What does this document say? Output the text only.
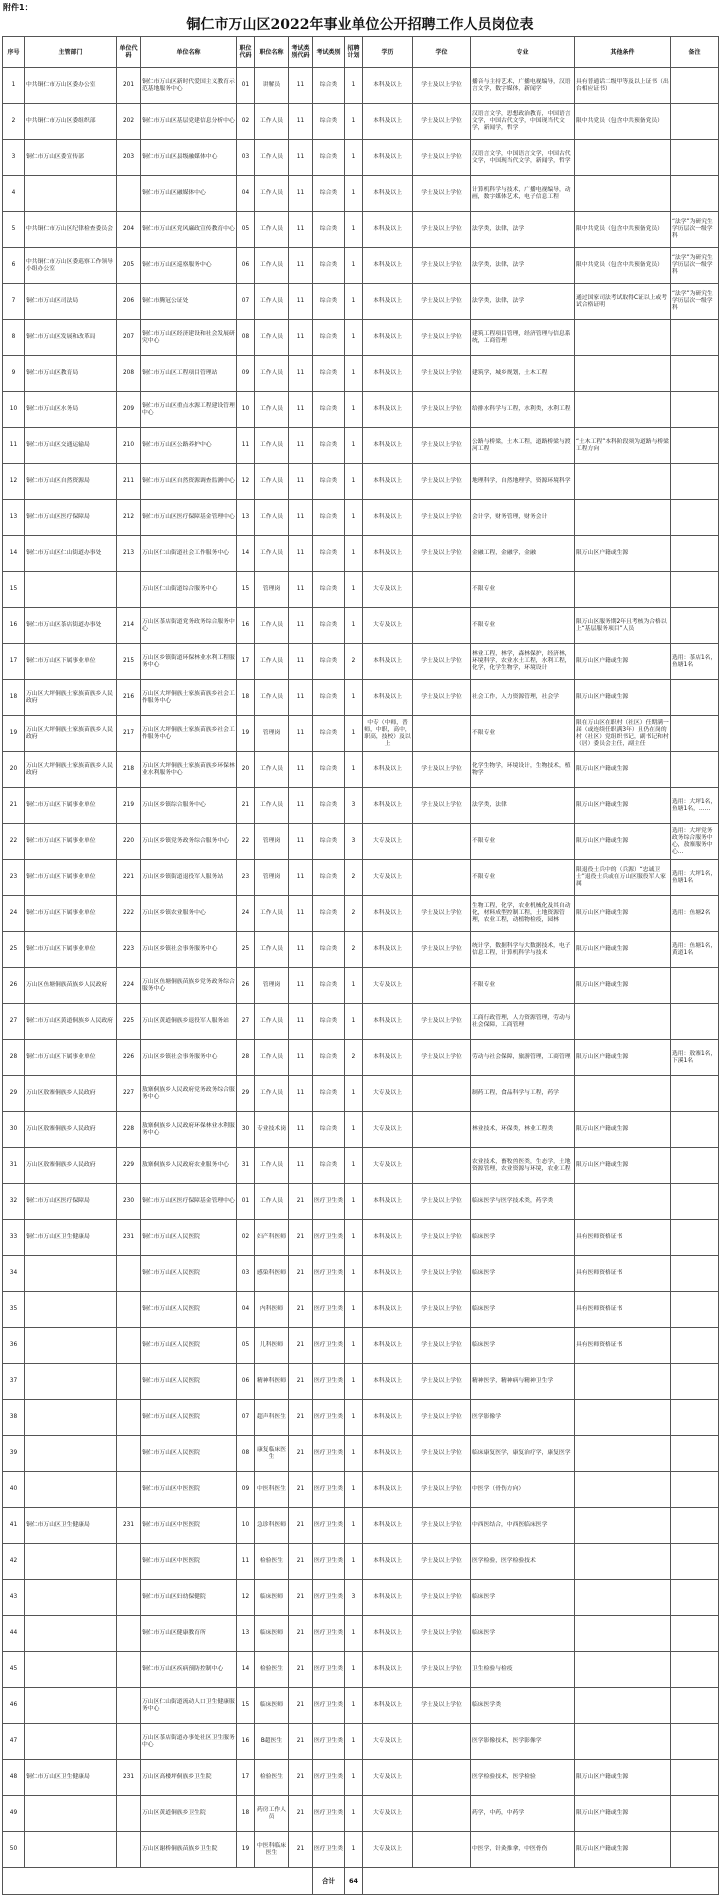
附件1：
铜仁市万山区2022年事业单位公开招聘工作人员岗位表
序号	主管部门	单位代码	单位名称	职位代码	职位名称	考试类别代码	考试类别	招聘计划	学历	学位	专业	其他条件	备注
1	中共铜仁市万山区委办公室	201	铜仁市万山区新时代爱国主义教育示范基地服务中心	01	讲解员	11	综合类	1	本科及以上	学士及以上学位	播音与主持艺术，广播电视编导，汉语言文学，数字媒体，新闻学	具有普通话二级甲等及以上证书（出台相应证书）	
2	中共铜仁市万山区委组织部	202	铜仁市万山区基层党建信息分析中心	02	工作人员	11	综合类	1	本科及以上	学士及以上学位	汉语言文学，思想政治教育，中国语言文学，中国古代文学，中国现当代文学，新闻学，哲学	限中共党员（包含中共预备党员）	
3	铜仁市万山区委宣传部	203	铜仁市万山区县级融媒体中心	03	工作人员	11	综合类	1	本科及以上	学士及以上学位	汉语言文学，中国语言文学，中国古代文学，中国现当代文学，新闻学，哲学		
4			铜仁市万山区融媒体中心	04	工作人员	11	综合类	1	本科及以上	学士及以上学位	计算机科学与技术，广播电视编导，动画，数字媒体艺术，电子信息工程		
5	中共铜仁市万山区纪律检查委员会	204	铜仁市万山区党风廉政宣传教育中心	05	工作人员	11	综合类	1	本科及以上	学士及以上学位	法学类，法律，法学	限中共党员（包含中共预备党员）	“法学”为研究生学历层次一级学科
6	中共铜仁市万山区委巡察工作领导小组办公室	205	铜仁市万山区巡察服务中心	06	工作人员	11	综合类	1	本科及以上	学士及以上学位	法学类，法律，法学	限中共党员（包含中共预备党员）	“法学”为研究生学历层次一级学科
7	铜仁市万山区司法局	206	铜仁市腾冠公证处	07	工作人员	11	综合类	1	本科及以上	学士及以上学位	法学类，法律，法学	通过国家司法考试取得C证以上或考试合格证明	“法学”为研究生学历层次一级学科
8	铜仁市万山区发展和改革局	207	铜仁市万山区经济建设和社会发展研究中心	08	工作人员	11	综合类	1	本科及以上	学士及以上学位	建筑工程项目管理，经济管理与信息系统，工商管理		
9	铜仁市万山区教育局	208	铜仁市万山区工程项目管理站	09	工作人员	11	综合类	1	本科及以上	学士及以上学位	建筑学，城乡规划，土木工程		
10	铜仁市万山区水务局	209	铜仁市万山区重点水源工程建设管理中心	10	工作人员	11	综合类	1	本科及以上	学士及以上学位	给排水科学与工程，水利类，水利工程		
11	铜仁市万山区交通运输局	210	铜仁市万山区公路养护中心	11	工作人员	11	综合类	1	本科及以上	学士及以上学位	公路与桥梁，土木工程，道路桥梁与渡河工程	“土木工程”本科阶段须为道路与桥梁工程方向	
12	铜仁市万山区自然资源局	211	铜仁市万山区自然资源调查监测中心	12	工作人员	11	综合类	1	本科及以上	学士及以上学位	地理科学，自然地理学，资源环境科学		
13	铜仁市万山区医疗保障局	212	铜仁市万山区医疗保障基金管理中心	13	工作人员	11	综合类	1	本科及以上	学士及以上学位	会计学，财务管理，财务会计		
14	铜仁市万山区仁山街道办事处	213	万山区仁山街道社会工作服务中心	14	工作人员	11	综合类	1	本科及以上	学士及以上学位	金融工程，金融学，金融	限万山区户籍或生源	
15			万山区仁山街道综合服务中心	15	管理岗	11	综合类	1	大专及以上		不限专业		
16	铜仁市万山区茶店街道办事处	214	万山区茶店街道党务政务综合服务中心	16	工作人员	11	综合类	1	大专及以上		不限专业	限万山区服务期2年且考核为合格以上“基层服务项目”人员	
17	铜仁市万山区下属事业单位	215	万山区乡镇街道环保林业水利工程服务中心	17	工作人员	11	综合类	2	本科及以上	学士及以上学位	林业工程，林学，森林保护，经济林，环境科学，农业水土工程，水利工程，化学，化学生物学，环境设计	限万山区户籍或生源	选用：茶店1名，鱼塘1名
18	万山区大坪侗族土家族苗族乡人民政府	216	万山区大坪侗族土家族苗族乡社会工作服务中心	18	工作人员	11	综合类	1	本科及以上	学士及以上学位	社会工作，人力资源管理，社会学	限万山区户籍或生源	
19	万山区大坪侗族土家族苗族乡人民政府	217	万山区大坪侗族土家族苗族乡社会工作服务中心	19	管理岗	11	综合类	1	中专（中师，普师，中职，高中，职高，技校）及以上		不限专业	限在万山区在职村（社区）任期满一届（或连续任职满3年）且仍在岗的村（社区）党组织书记，副书记和村（居）委员会主任，副主任	
20	万山区大坪侗族土家族苗族乡人民政府	218	万山区大坪侗族土家族苗族乡环保林业水利服务中心	20	工作人员	11	综合类	1	本科及以上	学士及以上学位	化学生物学，环境设计，生物技术，植物学	限万山区户籍或生源	
21	铜仁市万山区下属事业单位	219	万山区乡镇综合服务中心	21	工作人员	11	综合类	3	本科及以上	学士及以上学位	法学类，法律	限万山区户籍或生源	选用：大坪1名，鱼塘1名，……
22	铜仁市万山区下属事业单位	220	万山区乡镇党务政务综合服务中心	22	管理岗	11	综合类	3	大专及以上		不限专业	限万山区户籍或生源	选用：大坪党务政务综合服务中心，敖寨服务中心…
23	铜仁市万山区下属事业单位	221	万山区乡镇街道退役军人服务站	23	管理岗	11	综合类	2	大专及以上		不限专业	限退役士兵中的（兵源）“忠诚卫士”退役士兵或在万山区服役军人家属	选用：大坪1名，鱼塘1名
24	铜仁市万山区下属事业单位	222	万山区乡镇农业服务中心	24	工作人员	11	综合类	2	本科及以上	学士及以上学位	生物工程，化学，农业机械化及其自动化，材料成型控制工程，土地资源管理，农业工程，动植物检疫，园林	限万山区户籍或生源	选用：鱼塘2名
25	铜仁市万山区下属事业单位	223	万山区乡镇社会事务服务中心	25	工作人员	11	综合类	2	本科及以上	学士及以上学位	统计学，数据科学与大数据技术，电子信息工程，计算机科学与技术	限万山区户籍或生源	选用：鱼塘1名，黄道1名
26	万山区鱼塘侗族苗族乡人民政府	224	万山区鱼塘侗族苗族乡党务政务综合服务中心	26	管理岗	11	综合类	1	大专及以上		不限专业	限万山区户籍或生源	
27	铜仁市万山区黄道侗族乡人民政府	225	万山区黄道侗族乡退役军人服务站	27	工作人员	11	综合类	1	本科及以上	学士及以上学位	工商行政管理，人力资源管理，劳动与社会保障，工商管理		
28	铜仁市万山区下属事业单位	226	万山区乡镇社会事务服务中心	28	工作人员	11	综合类	2	本科及以上	学士及以上学位	劳动与社会保障，旅游管理，工商管理	限万山区户籍或生源	选用：敖寨1名，下溪1名
29	万山区敖寨侗族乡人民政府	227	敖寨侗族乡人民政府党务政务综合服务中心	29	工作人员	11	综合类	1	大专及以上		制药工程，食品科学与工程，药学		
30	万山区敖寨侗族乡人民政府	228	敖寨侗族乡人民政府环保林业水利服务中心	30	专业技术岗	11	综合类	1	大专及以上		林业技术，环保类，林业工程类	限万山区户籍或生源	
31	万山区敖寨侗族乡人民政府	229	敖寨侗族乡人民政府农业服务中心	31	工作人员	11	综合类	1	大专及以上		农业技术，畜牧兽医类，生态学，土地资源管理，农业资源与环境，农业工程	限万山区户籍或生源	
32	铜仁市万山区医疗保障局	230	铜仁市万山区医疗保障基金管理中心	01	工作人员	21	医疗卫生类	1	本科及以上	学士及以上学位	临床医学与医学技术类，药学类		
33	铜仁市万山区卫生健康局	231	铜仁市万山区人民医院	02	妇产科医师	21	医疗卫生类	1	本科及以上	学士及以上学位	临床医学	具有医师资格证书	
34			铜仁市万山区人民医院	03	感染科医师	21	医疗卫生类	1	本科及以上	学士及以上学位	临床医学	具有医师资格证书	
35			铜仁市万山区人民医院	04	内科医师	21	医疗卫生类	1	本科及以上	学士及以上学位	临床医学	具有医师资格证书	
36			铜仁市万山区人民医院	05	儿科医师	21	医疗卫生类	1	本科及以上	学士及以上学位	临床医学	具有医师资格证书	
37			铜仁市万山区人民医院	06	精神科医师	21	医疗卫生类	1	本科及以上	学士及以上学位	精神医学，精神病与精神卫生学		
38			铜仁市万山区人民医院	07	超声科医生	21	医疗卫生类	1	本科及以上	学士及以上学位	医学影像学		
39			铜仁市万山区人民医院	08	康复临床医生	21	医疗卫生类	1	本科及以上	学士及以上学位	临床康复医学，康复治疗学，康复医学		
40			铜仁市万山区中医医院	09	中医科医生	21	医疗卫生类	1	本科及以上	学士及以上学位	中医学（骨伤方向）		
41	铜仁市万山区卫生健康局	231	铜仁市万山区中医医院	10	急诊科医师	21	医疗卫生类	1	本科及以上	学士及以上学位	中西医结合，中西医临床医学		
42			铜仁市万山区中医医院	11	检验医生	21	医疗卫生类	1	本科及以上	学士及以上学位	医学检验，医学检验技术		
43			铜仁市万山区妇幼保健院	12	临床医师	21	医疗卫生类	3	本科及以上	学士及以上学位	临床医学		
44			铜仁市万山区健康教育所	13	临床医师	21	医疗卫生类	1	本科及以上	学士及以上学位	临床医学		
45			铜仁市万山区疾病预防控制中心	14	检验医生	21	医疗卫生类	1	本科及以上	学士及以上学位	卫生检验与检疫		
46			万山区仁山街道流动人口卫生健康服务中心	15	临床医师	21	医疗卫生类	1	本科及以上	学士及以上学位	临床医学类		
47			万山区茶店街道办事处社区卫生服务中心	16	B超医生	21	医疗卫生类	1	大专及以上		医学影像技术，医学影像学		
48	铜仁市万山区卫生健康局	231	万山区高楼坪侗族乡卫生院	17	检验医生	21	医疗卫生类	1	大专及以上		医学检验技术，医学检验	限万山区户籍或生源	
49			万山区黄道侗族乡卫生院	18	药房工作人员	21	医疗卫生类	1	大专及以上		药学，中药，中药学	限万山区户籍或生源	
50			万山区谢桥侗族苗族乡卫生院	19	中医科临床医生	21	医疗卫生类	1	大专及以上		中医学，针灸推拿，中医骨伤	限万山区户籍或生源	
							合计	64					
